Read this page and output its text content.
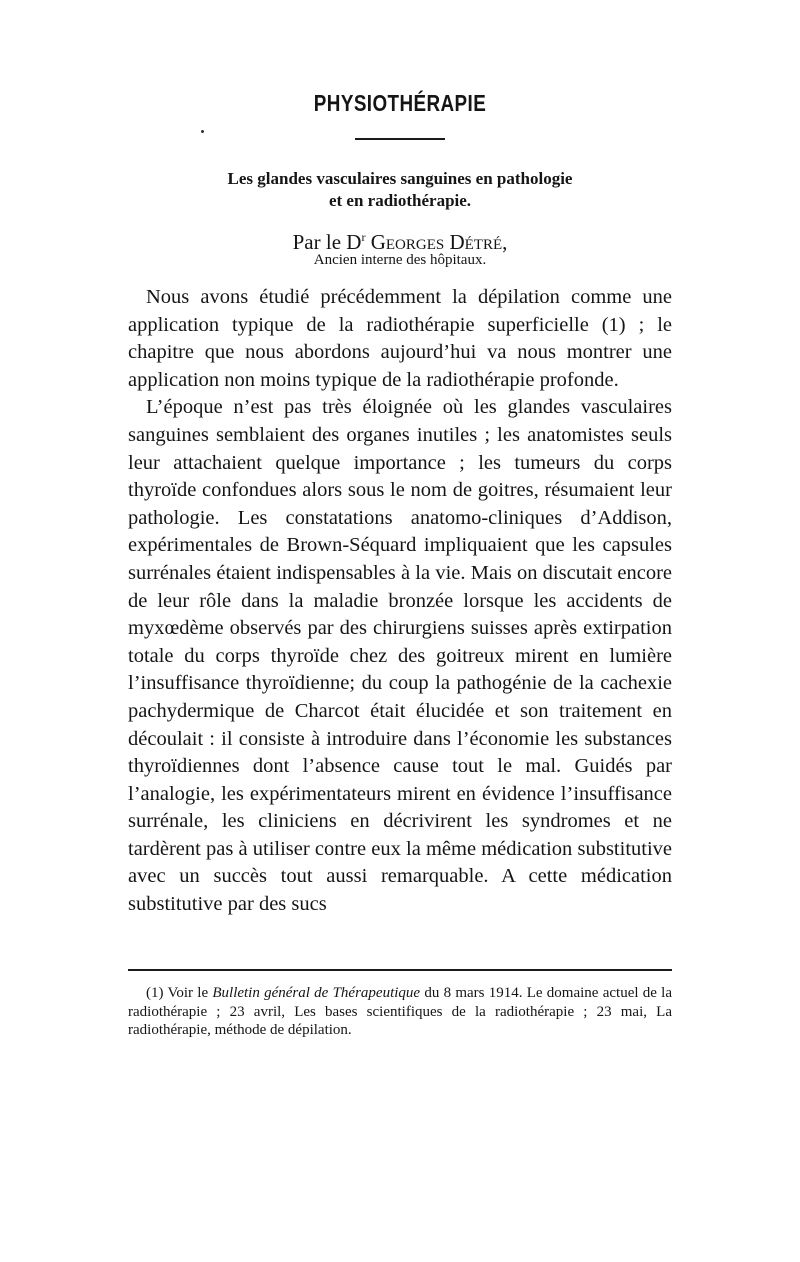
PHYSIOTHÉRAPIE
Les glandes vasculaires sanguines en pathologie
et en radiothérapie.
Par le $D^r$ Georges Détré,
Ancien interne des hôpitaux.

Nous avons étudié précédemment la dépilation comme une application typique de la radiothérapie superficielle (1) ; le chapitre que nous abordons aujourd’hui va nous montrer une application non moins typique de la radiothérapie profonde.

L’époque n’est pas très éloignée où les glandes vasculaires sanguines semblaient des organes inutiles ; les anatomistes seuls leur attachaient quelque importance ; les tumeurs du corps thyroïde confondues alors sous le nom de goitres, résumaient leur pathologie. Les constatations anatomo-cliniques d’Addison, expérimentales de Brown-Séquard impliquaient que les capsules surrénales étaient indispensables à la vie. Mais on discutait encore de leur rôle dans la maladie bronzée lorsque les accidents de myxœdème observés par des chirurgiens suisses après extirpation totale du corps thyroïde chez des goitreux mirent en lumière l’insuffisance thyroïdienne; du coup la pathogénie de la cachexie pachydermique de Charcot était élucidée et son traitement en découlait : il consiste à introduire dans l’économie les substances thyroïdiennes dont l’absence cause tout le mal. Guidés par l’analogie, les expérimentateurs mirent en évidence l’insuffisance surrénale, les cliniciens en décrivirent les syndromes et ne tardèrent pas à utiliser contre eux la même médication substitutive avec un succès tout aussi remarquable. A cette médication substitutive par des sucs

(1) Voir le Bulletin général de Thérapeutique du 8 mars 1914. Le domaine actuel de la radiothérapie ; 23 avril, Les bases scientifiques de la radiothérapie ; 23 mai, La radiothérapie, méthode de dépilation.
